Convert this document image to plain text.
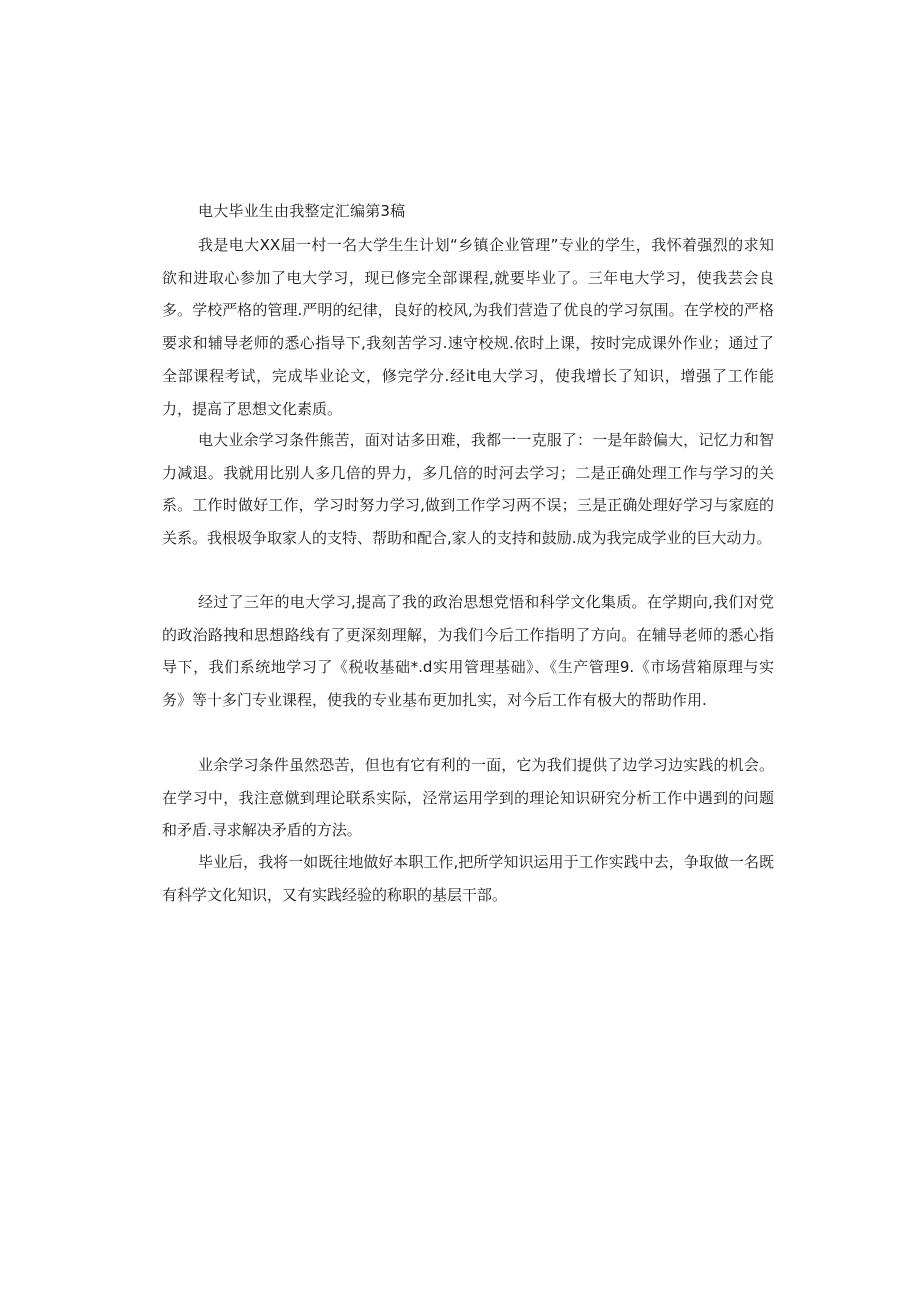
电大毕业生由我整定汇编第3稿

我是电大XX届一村一名大学生生计划“乡镇企业管理”专业的学生，我怀着强烈的求知欲和进取心参加了电大学习，现已修完全部课程,就要毕业了。三年电大学习，使我芸会良多。学校严格的管理.严明的纪律，良好的校风,为我们营造了优良的学习氛围。在学校的严格要求和辅导老师的悉心指导下,我刻苦学习.速守校规.依时上课，按时完成课外作业；通过了全部课程考试，完成毕业论文，修完学分.经it电大学习，使我增长了知识，增强了工作能力，提高了思想文化素质。

电大业余学习条件熊苦，面对诂多田难，我都一一克服了：一是年龄偏大，记忆力和智力减退。我就用比别人多几倍的畀力，多几倍的时河去学习；二是正确处理工作与学习的关系。工作时做好工作，学习时努力学习,做到工作学习两不误；三是正确处理好学习与家庭的关系。我根圾争取家人的支特、帮助和配合,家人的支持和鼓励.成为我完成学业的巨大动力。

经过了三年的电大学习,提高了我的政治思想党悟和科学文化集质。在学期向,我们对党的政治路拽和思想路线有了更深刻理解，为我们今后工作指明了方向。在辅导老师的悉心指导下，我们系统地学习了《税收基础*.d实用管理基础》、《生产管理9.《市场营箱原理与实务》等十多门专业课程，使我的专业基布更加扎实，对今后工作有极大的帮助作用.

业余学习条件虽然恐苦，但也有它有利的一面，它为我们提供了边学习边实践的机会。在学习中，我注意僦到理论联系实际，泾常运用学到的理论知识研究分析工作中遇到的问题和矛盾.寻求解决矛盾的方法。

毕业后，我将一如既往地做好本职工作,把所学知识运用于工作实践中去，争取做一名既有科学文化知识，又有实践经验的称职的基层干部。
